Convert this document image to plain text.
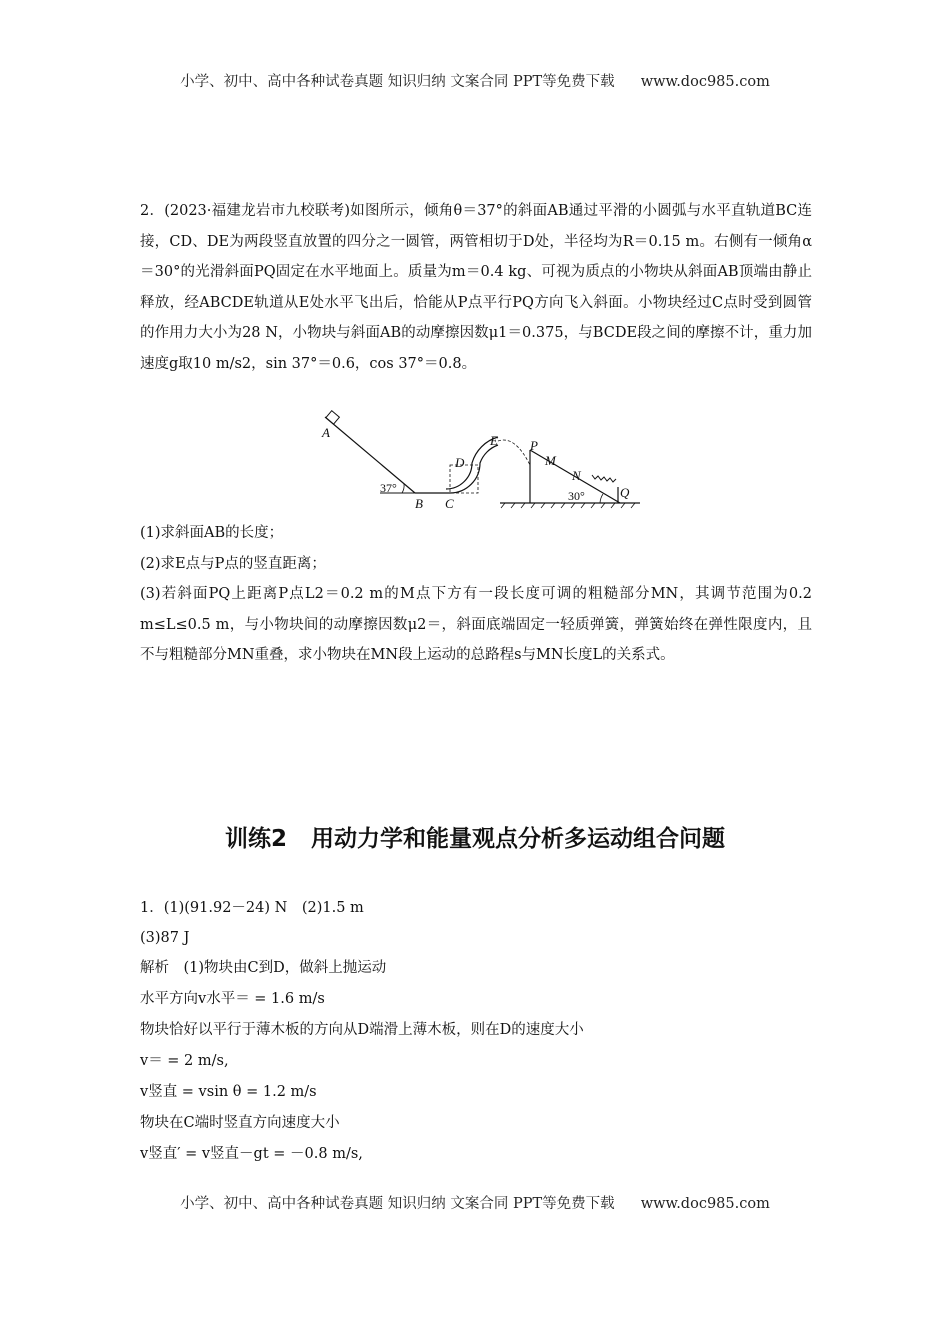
小学、初中、高中各种试卷真题 知识归纳 文案合同 PPT等免费下载 www.doc985.com
2．(2023·福建龙岩市九校联考)如图所示，倾角θ＝37°的斜面AB通过平滑的小圆弧与水平直轨道BC连接，CD、DE为两段竖直放置的四分之一圆管，两管相切于D处，半径均为R＝0.15 m。右侧有一倾角α＝30°的光滑斜面PQ固定在水平地面上。质量为m＝0.4 kg、可视为质点的小物块从斜面AB顶端由静止释放，经ABCDE轨道从E处水平飞出后，恰能从P点平行PQ方向飞入斜面。小物块经过C点时受到圆管的作用力大小为28 N，小物块与斜面AB的动摩擦因数μ1＝0.375，与BCDE段之间的摩擦不计，重力加速度g取10 m/s2，sin 37°＝0.6，cos 37°＝0.8。
A
37°
B C
D
E P
M
N
30°	Q
(1)求斜面AB的长度；
(2)求E点与P点的竖直距离；
(3)若斜面PQ上距离P点L2＝0.2 m的M点下方有一段长度可调的粗糙部分MN，其调节范围为0.2 m≤L≤0.5 m，与小物块间的动摩擦因数μ2＝，斜面底端固定一轻质弹簧，弹簧始终在弹性限度内，且不与粗糙部分MN重叠，求小物块在MN段上运动的总路程s与MN长度L的关系式。
训练2 用动力学和能量观点分析多运动组合问题
1．(1)(91.92－24) N　(2)1.5 m
(3)87 J
解析　(1)物块由C到D，做斜上抛运动
水平方向v水平＝ = 1.6 m/s
物块恰好以平行于薄木板的方向从D端滑上薄木板，则在D的速度大小
v＝ = 2 m/s,
v竖直 = vsin θ = 1.2 m/s
物块在C端时竖直方向速度大小
v竖直′ = v竖直－gt = －0.8 m/s,
小学、初中、高中各种试卷真题 知识归纳 文案合同 PPT等免费下载 www.doc985.com
